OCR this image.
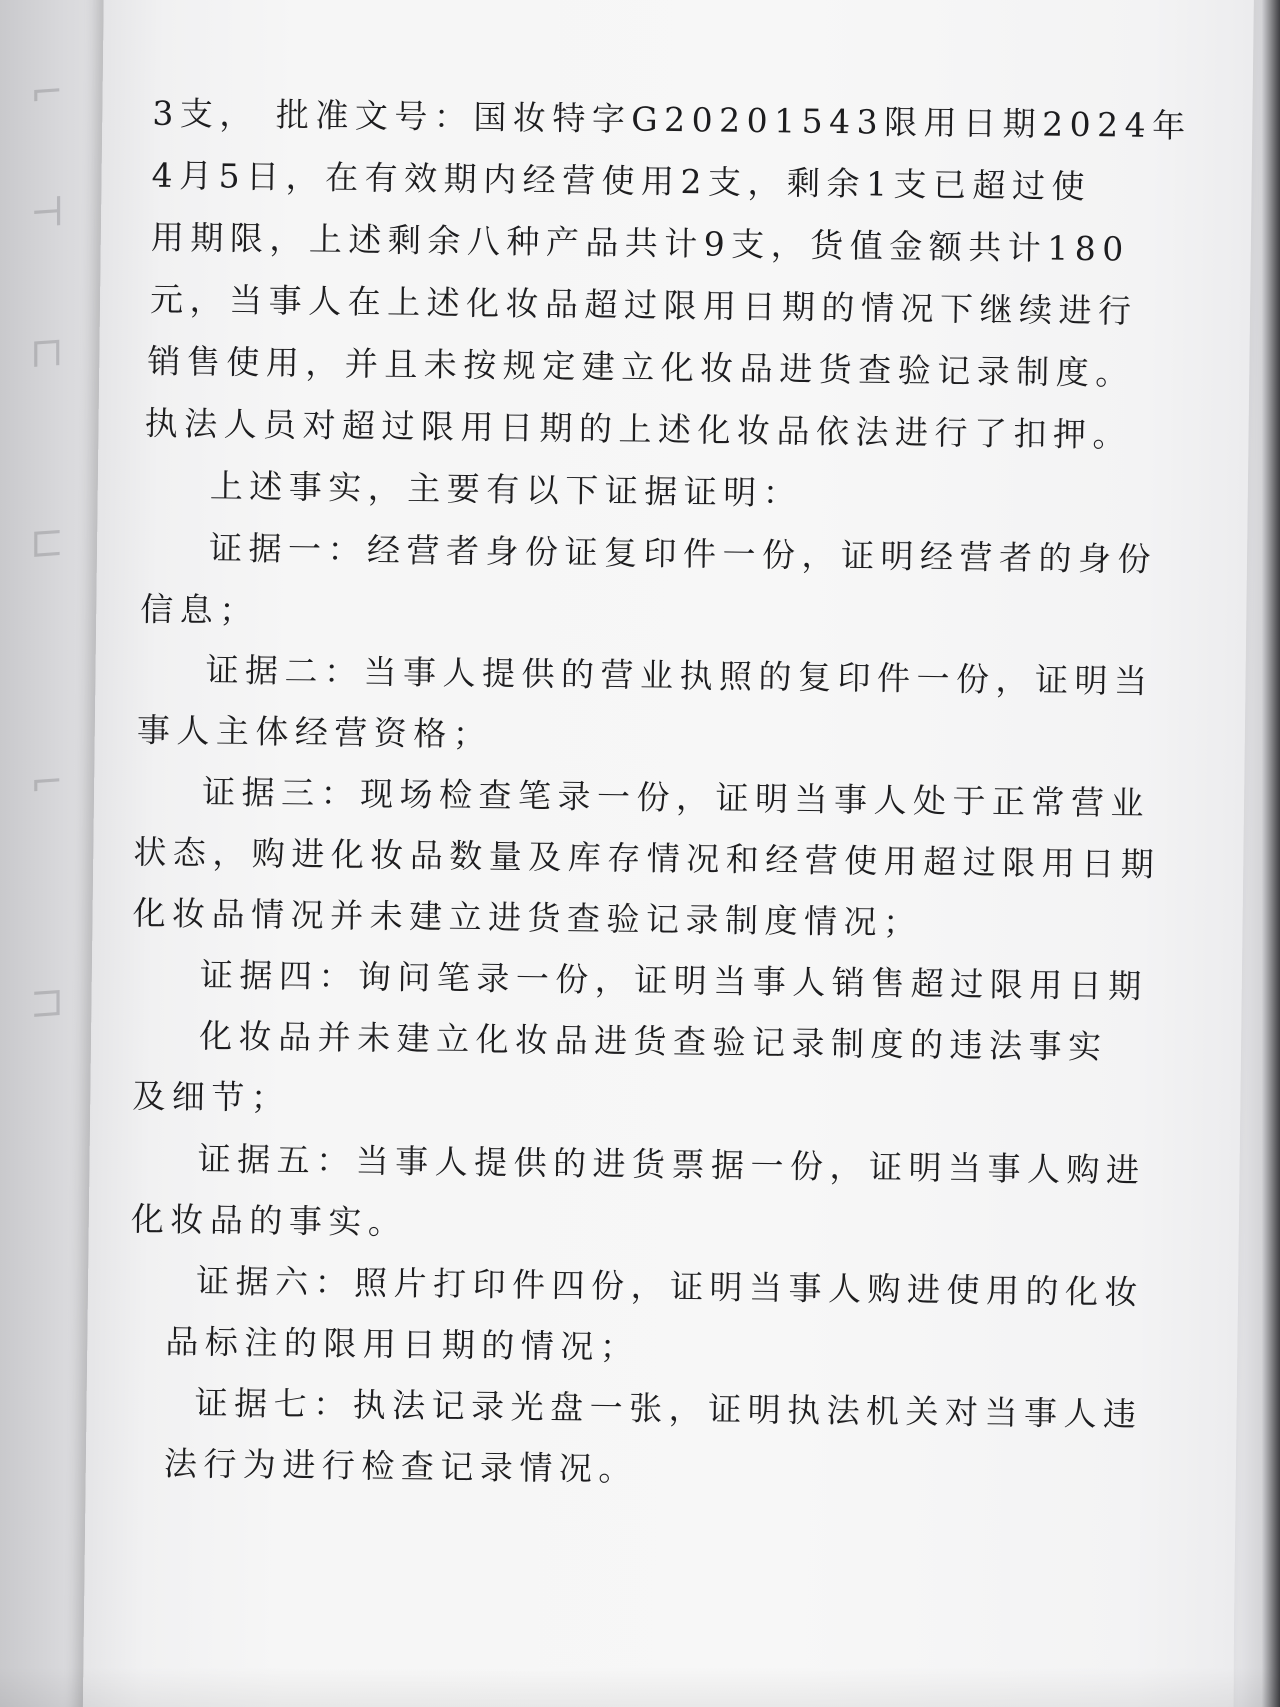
⌐
⊣
⊓
⊏
⌐
⊐

3支， 批准文号：国妆特字G20201543限用日期2024年

4月5日，在有效期内经营使用2支，剩余1支已超过使

用期限，上述剩余八种产品共计9支，货值金额共计180

元，当事人在上述化妆品超过限用日期的情况下继续进行

销售使用，并且未按规定建立化妆品进货查验记录制度。

执法人员对超过限用日期的上述化妆品依法进行了扣押。

上述事实，主要有以下证据证明：

证据一：经营者身份证复印件一份，证明经营者的身份

信息；

证据二：当事人提供的营业执照的复印件一份，证明当

事人主体经营资格；

证据三：现场检查笔录一份，证明当事人处于正常营业

状态，购进化妆品数量及库存情况和经营使用超过限用日期

化妆品情况并未建立进货查验记录制度情况；

证据四：询问笔录一份，证明当事人销售超过限用日期

化妆品并未建立化妆品进货查验记录制度的违法事实

及细节；

证据五：当事人提供的进货票据一份，证明当事人购进

化妆品的事实。

证据六：照片打印件四份，证明当事人购进使用的化妆

品标注的限用日期的情况；

证据七：执法记录光盘一张，证明执法机关对当事人违

法行为进行检查记录情况。
